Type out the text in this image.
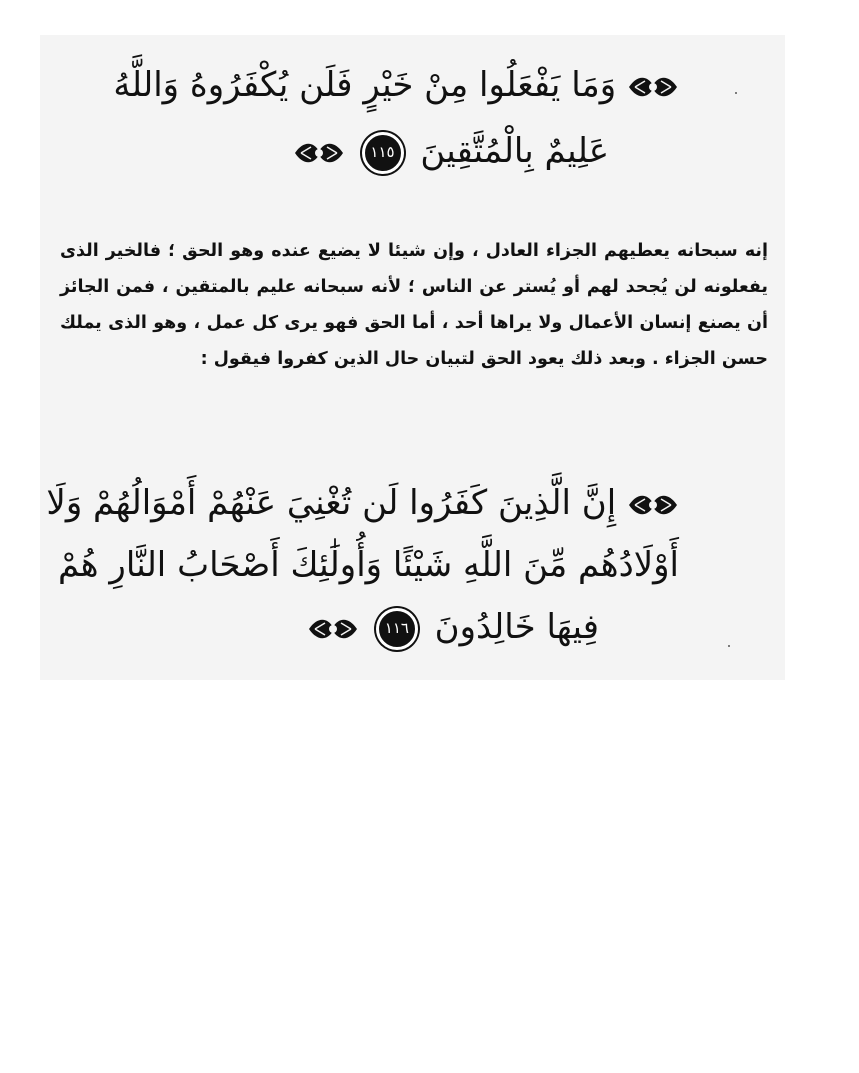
وَمَا يَفْعَلُوا مِنْ خَيْرٍ فَلَن يُكْفَرُوهُ وَاللَّهُ
عَلِيمٌ بِالْمُتَّقِينَ ١١٥
إنه سبحانه يعطيهم الجزاء العادل ، وإن شيئا لا يضيع عنده وهو الحق ؛ فالخير الذى يفعلونه لن يُجحد لهم أو يُستر عن الناس ؛ لأنه سبحانه عليم بالمتقين ، فمن الجائز أن يصنع إنسان الأعمال ولا يراها أحد ، أما الحق فهو يرى كل عمل ، وهو الذى يملك حسن الجزاء . وبعد ذلك يعود الحق لتبيان حال الذين كفروا فيقول :
إِنَّ الَّذِينَ كَفَرُوا لَن تُغْنِيَ عَنْهُمْ أَمْوَالُهُمْ وَلَا
أَوْلَادُهُم مِّنَ اللَّهِ شَيْئًا وَأُولَٰئِكَ أَصْحَابُ النَّارِ هُمْ
فِيهَا خَالِدُونَ ١١٦
